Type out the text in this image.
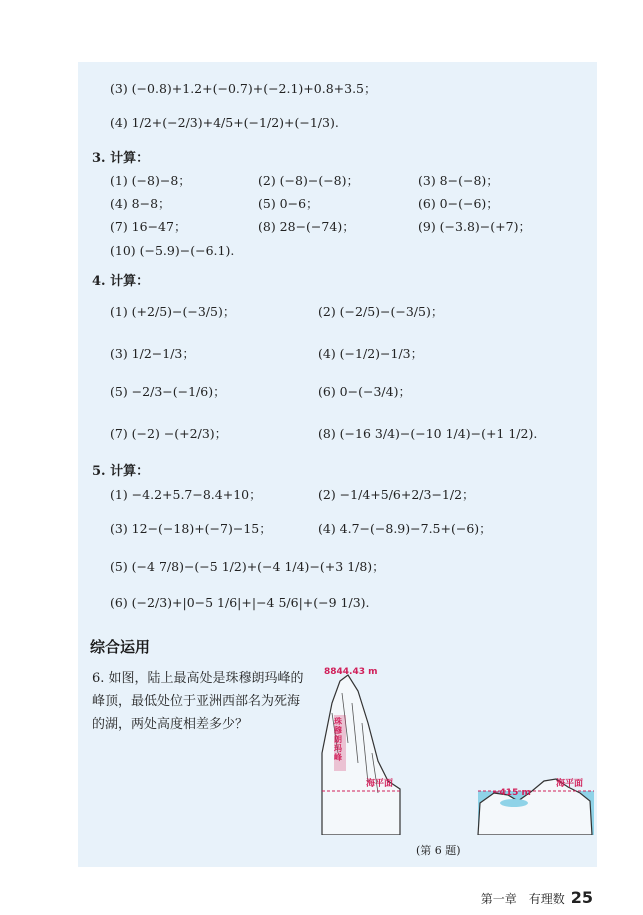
(3) (−0.8)+1.2+(−0.7)+(−2.1)+0.8+3.5；
(4) 1/2+(−2/3)+4/5+(−1/2)+(−1/3).
3. 计算：
(1) (−8)−8；	(2) (−8)−(−8)；	(3) 8−(−8)；
(4) 8−8；	(5) 0−6；	(6) 0−(−6)；
(7) 16−47；	(8) 28−(−74)；	(9) (−3.8)−(+7)；
(10) (−5.9)−(−6.1).
4. 计算：
(1) (+2/5)−(−3/5)；	(2) (−2/5)−(−3/5)；
(3) 1/2−1/3；	(4) (−1/2)−1/3；
(5) −2/3−(−1/6)；	(6) 0−(−3/4)；
(7) (−2) −(+2/3)；	(8) (−16 3/4)−(−10 1/4)−(+1 1/2).
5. 计算：
(1) −4.2+5.7−8.4+10；	(2) −1/4+5/6+2/3−1/2；
(3) 12−(−18)+(−7)−15；	(4) 4.7−(−8.9)−7.5+(−6)；
(5) (−4 7/8)−(−5 1/2)+(−4 1/4)−(+3 1/8)；
(6) (−2/3)+|0−5 1/6|+|−4 5/6|+(−9 1/3).
综合运用
6. 如图，陆上最高处是珠穆朗玛峰的峰顶，最低处位于亚洲西部名为死海的湖，两处高度相差多少？
8844.43 m
珠穆朗玛峰
海平面
−415 m
海平面
(第 6 题)
第一章　有理数 25
